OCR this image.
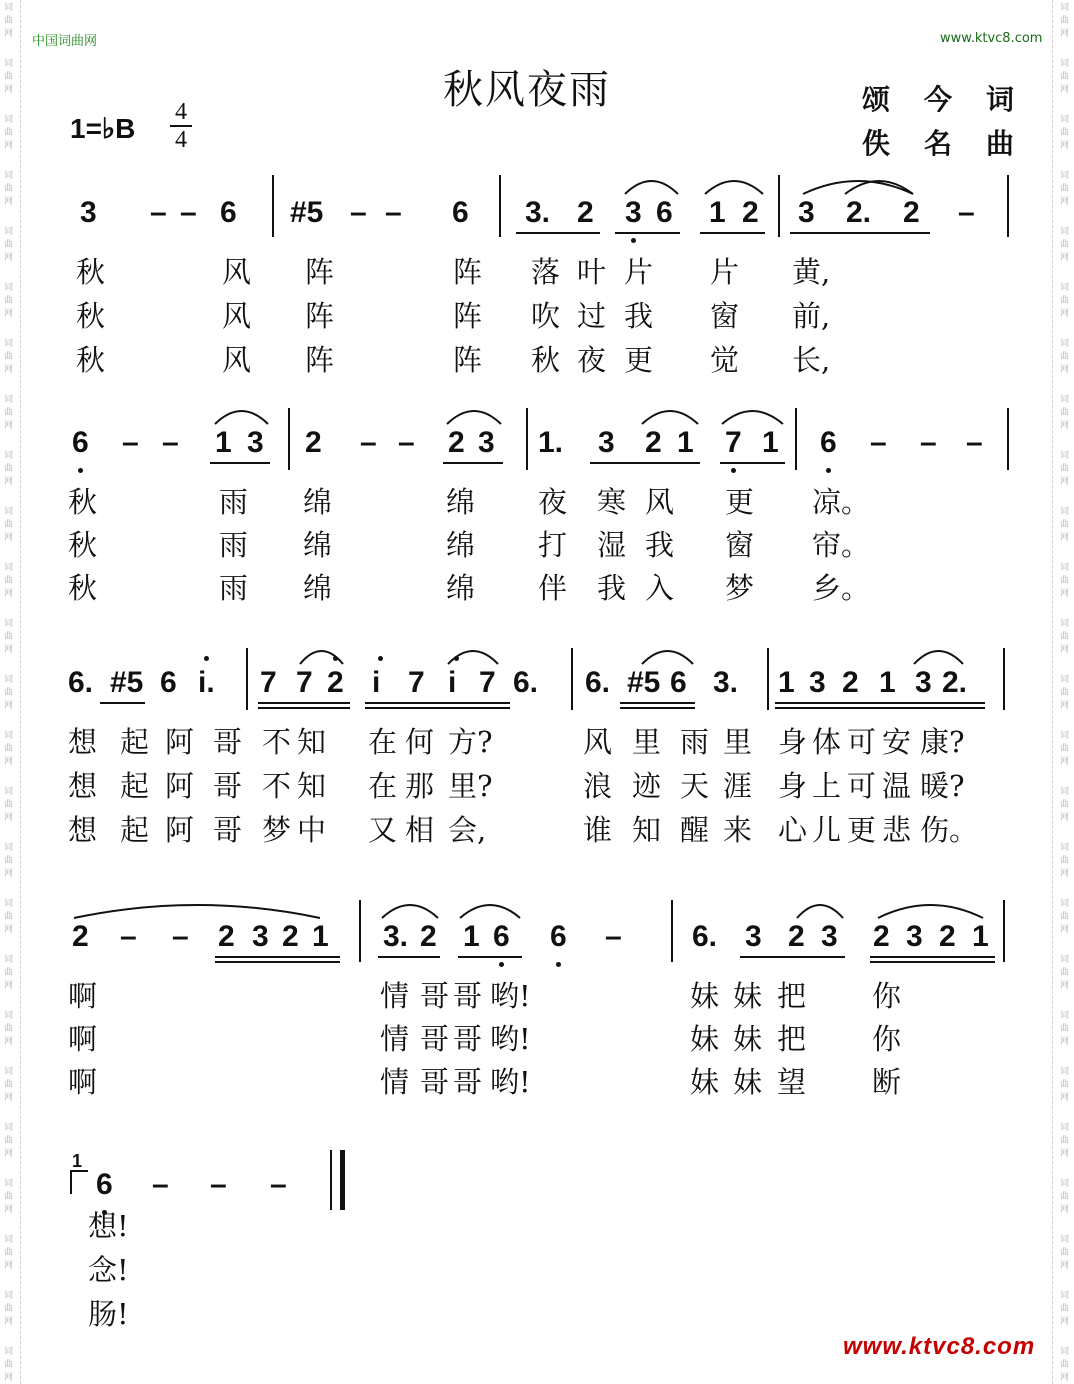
词
曲
网
词
曲
网
词
曲
网
词
曲
网
词
曲
网
词
曲
网
词
曲
网
词
曲
网
词
曲
网
词
曲
网
词
曲
网
词
曲
网
词
曲
网
词
曲
网
词
曲
网
词
曲
网
词
曲
网
词
曲
网
词
曲
网
词
曲
网
词
曲
网
词
曲
网
词
曲
网
词
曲
网
词
曲
网
词
曲
网
词
曲
网
词
曲
网
词
曲
网
词
曲
网
词
曲
网
词
曲
网
词
曲
网
词
曲
网
词
曲
网
词
曲
网
词
曲
网
词
曲
网
词
曲
网
词
曲
网
词
曲
网
词
曲
网
词
曲
网
词
曲
网
词
曲
网
词
曲
网
词
曲
网
词
曲
网
词
曲
网
词
曲
网
中国词曲网	www.ktvc8.com
秋风夜雨	颂 今 词
佚 名 曲
1=♭B
4
4
3 – – 6 #5 – – 6 3. 2 3 6 1 2 3 2. 2 –
秋	风 阵	阵 落 叶 片 片 黄,
秋	风 阵	阵 吹 过 我 窗 前,
秋	风 阵	阵 秋 夜 更 觉 长,
6 – – 1 3 2 – – 2 3 1. 3 2 1 7 1 6 – – –
秋	雨 绵	绵 夜 寒 风 更 凉。
秋	雨 绵	绵 打 湿 我 窗 帘。
秋	雨 绵	绵 伴 我 入 梦 乡。
6. #5 6 i. 7 7 2 i 7 i 7 6. 6. #5 6 3. 1 3 2 1 3 2.
想 起 阿 哥 不 知 在 何 方?	风 里 雨 里 身 体 可 安 康?
想 起 阿 哥 不 知 在 那 里?	浪 迹 天 涯 身 上 可 温 暖?
想 起 阿 哥 梦 中 又 相 会,	谁 知 醒 来 心 儿 更 悲 伤。
2 – – 2 3 2 1 3. 2 1 6 6 – 6. 3 2 3 2 3 2 1
啊	情 哥 哥 哟!	妹 妹 把 你
啊	情 哥 哥 哟!	妹 妹 把 你
啊	情 哥 哥 哟!	妹 妹 望 断
6 – – –
想!
念!
肠!
1
www.ktvc8.com
